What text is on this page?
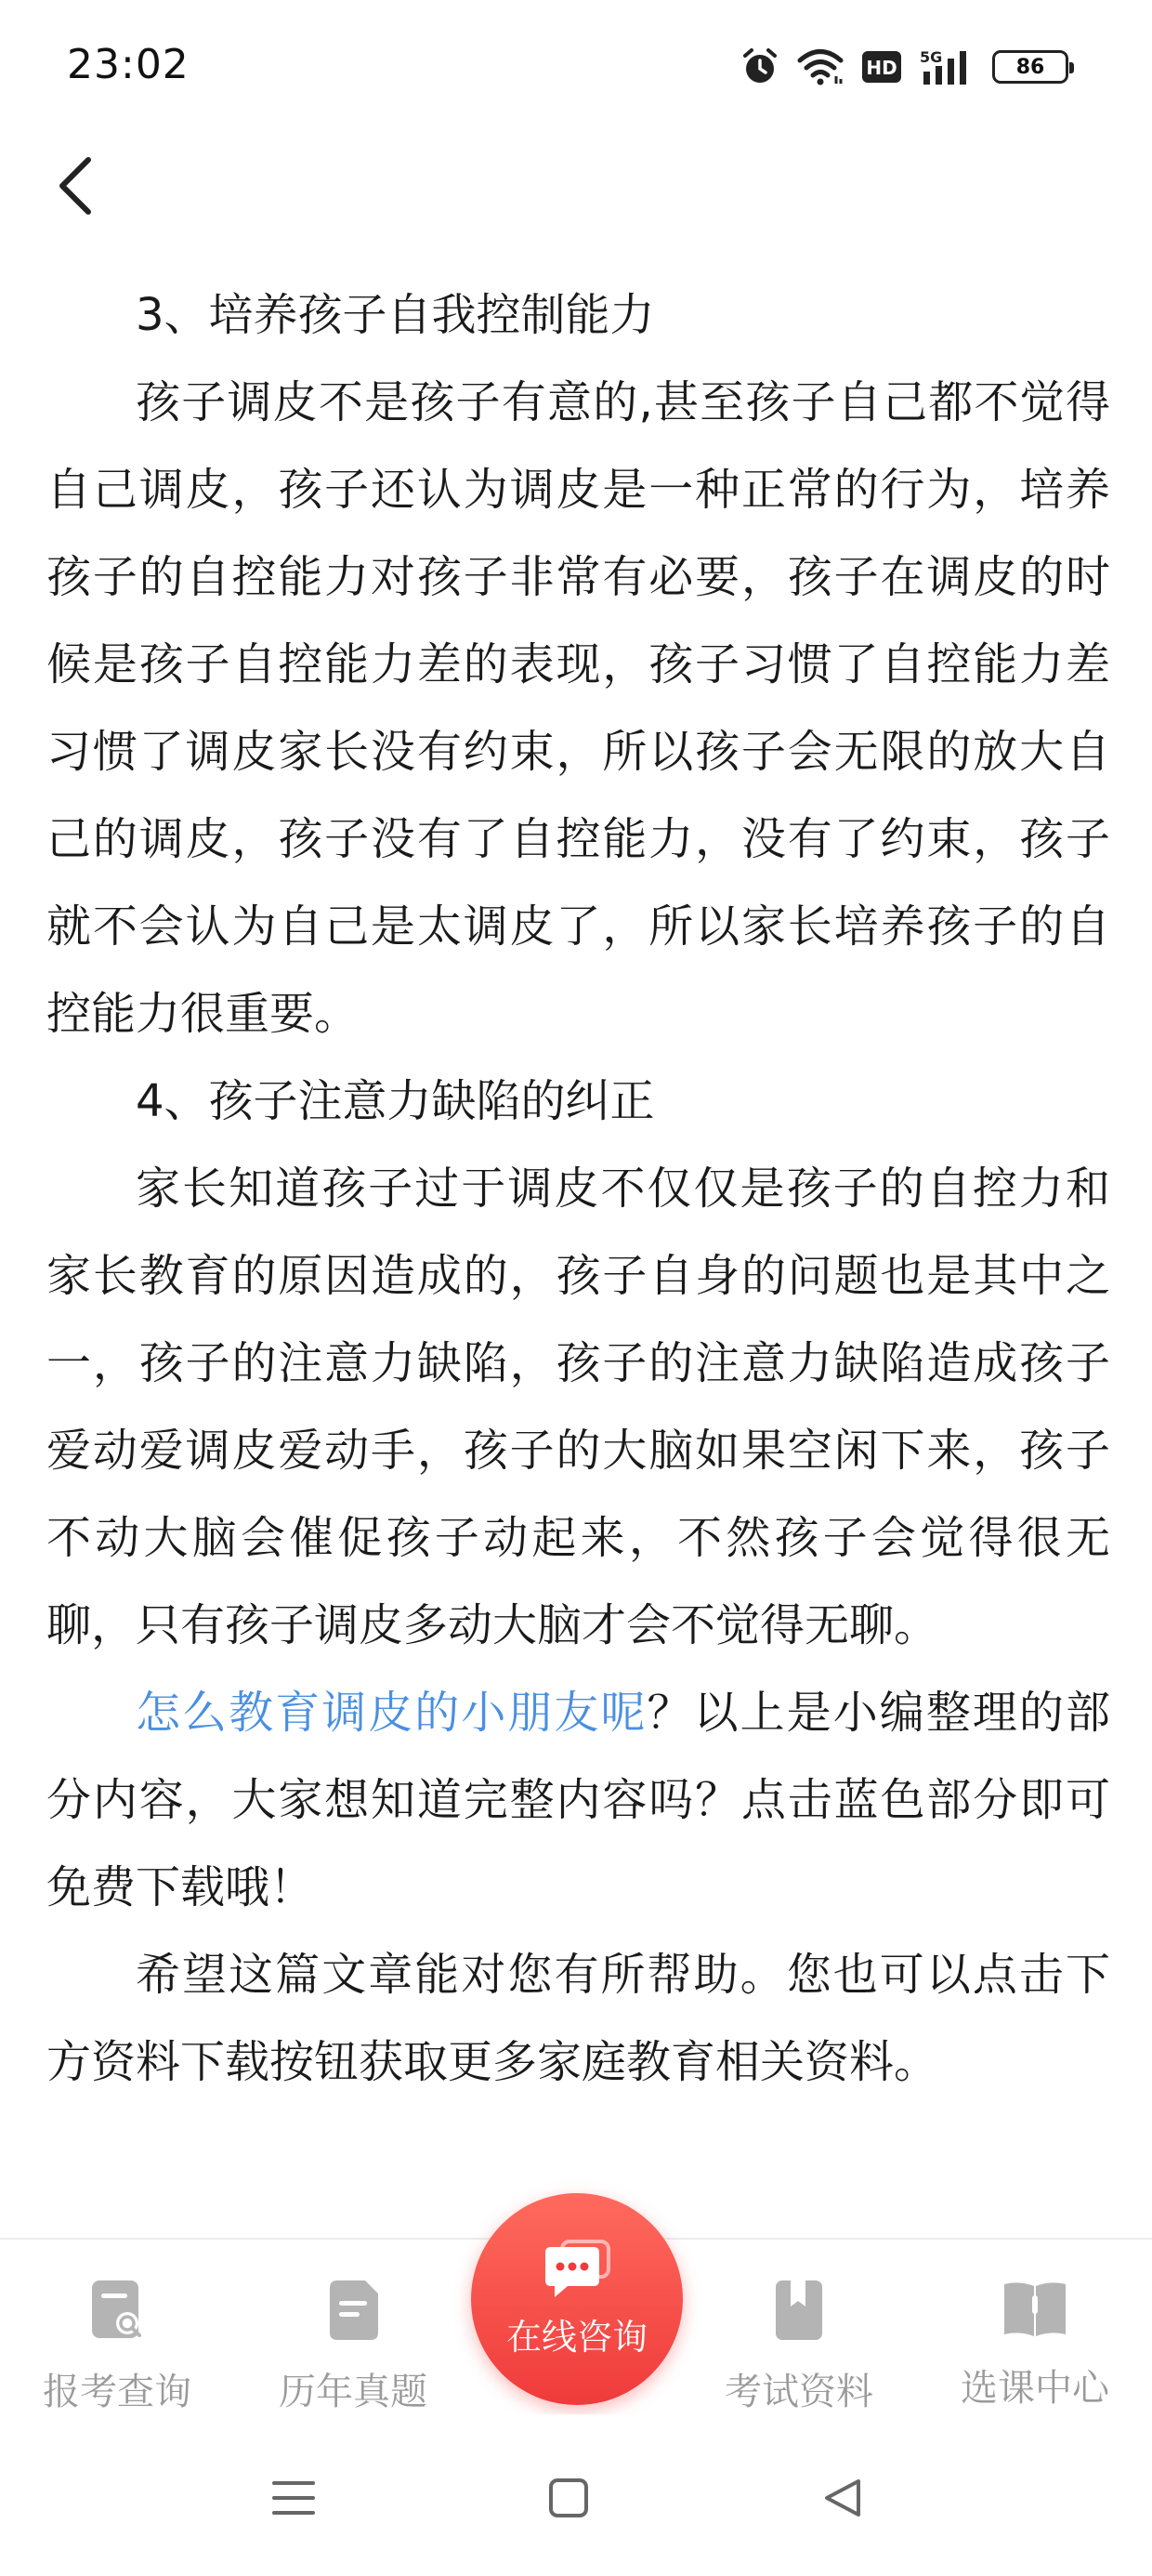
23:02	HD 5G	86

3、培养孩子自我控制能力

孩子调皮不是孩子有意的,甚至孩子自己都不觉得自己调皮，孩子还认为调皮是一种正常的行为，培养孩子的自控能力对孩子非常有必要，孩子在调皮的时候是孩子自控能力差的表现，孩子习惯了自控能力差习惯了调皮家长没有约束，所以孩子会无限的放大自己的调皮，孩子没有了自控能力，没有了约束，孩子就不会认为自己是太调皮了，所以家长培养孩子的自控能力很重要。

4、孩子注意力缺陷的纠正

家长知道孩子过于调皮不仅仅是孩子的自控力和家长教育的原因造成的，孩子自身的问题也是其中之一，孩子的注意力缺陷，孩子的注意力缺陷造成孩子爱动爱调皮爱动手，孩子的大脑如果空闲下来，孩子不动大脑会催促孩子动起来，不然孩子会觉得很无聊，只有孩子调皮多动大脑才会不觉得无聊。

怎么教育调皮的小朋友呢？以上是小编整理的部分内容，大家想知道完整内容吗？点击蓝色部分即可免费下载哦！

希望这篇文章能对您有所帮助。您也可以点击下方资料下载按钮获取更多家庭教育相关资料。

报考查询 历年真题	考试资料 选课中心
在线咨询
